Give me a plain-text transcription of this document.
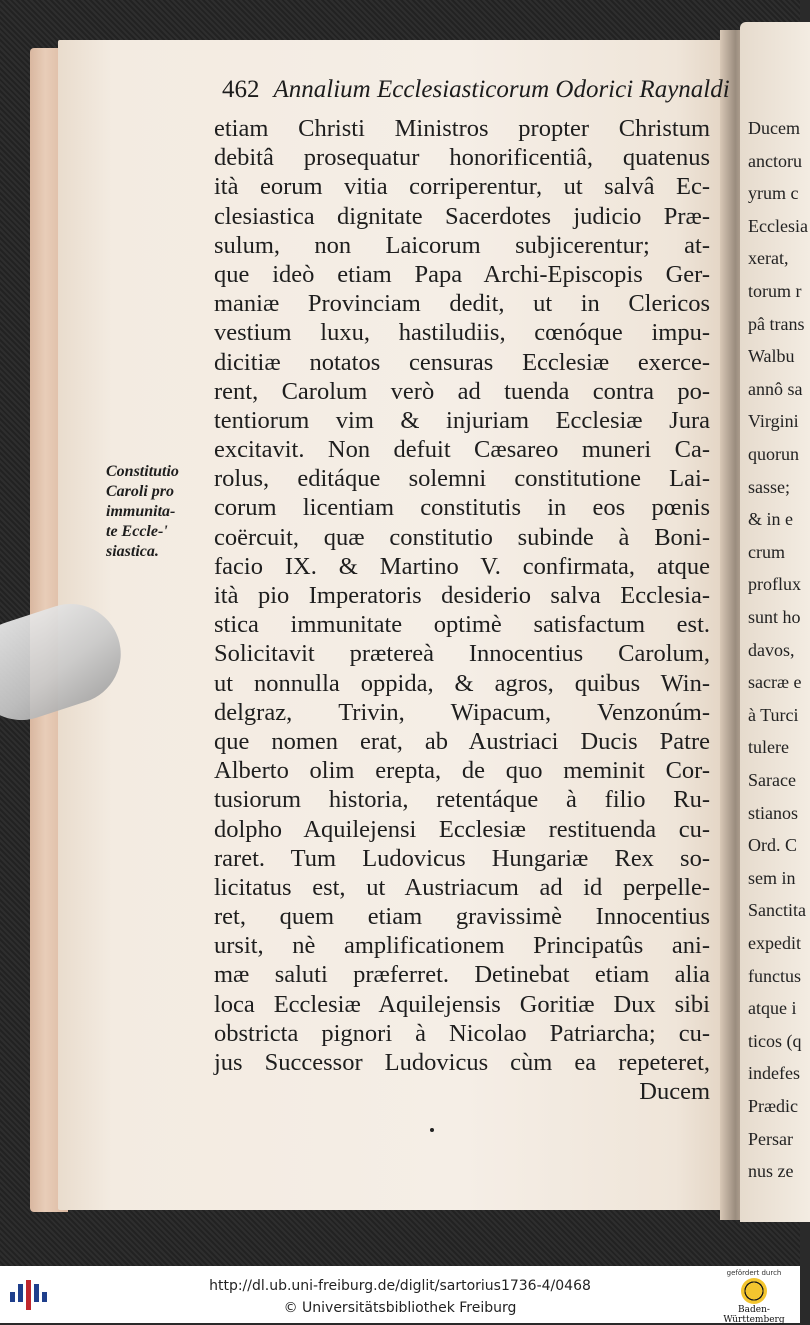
Ducem
anctoru
yrum c
Ecclesia
xerat,
torum r
pâ trans
Walbu
annô sa
Virgini
quorun
sasse;
& in e
crum
proflux
sunt ho
davos,
sacræ e
à Turci
tulere
Sarace
stianos
Ord. C
sem in
Sanctita
expedit
functus
atque i
ticos (q
indefes
Prædic
Persar
nus ze
462 Annalium Ecclesiasticorum Odorici Raynaldi
Constitutio
Caroli pro
immunita-
te Eccle-'
siastica.
etiam Christi Ministros propter Christum
debitâ prosequatur honorificentiâ, quatenus
ità eorum vitia corriperentur, ut salvâ Ec-
clesiastica dignitate Sacerdotes judicio Præ-
sulum, non Laicorum subjicerentur; at-
que ideò etiam Papa Archi-Episcopis Ger-
maniæ Provinciam dedit, ut in Clericos
vestium luxu, hastiludiis, cœnóque impu-
dicitiæ notatos censuras Ecclesiæ exerce-
rent, Carolum verò ad tuenda contra po-
tentiorum vim & injuriam Ecclesiæ Jura
excitavit. Non defuit Cæsareo muneri Ca-
rolus, editáque solemni constitutione Lai-
corum licentiam constitutis in eos pœnis
coërcuit, quæ constitutio subinde à Boni-
facio IX. & Martino V. confirmata, atque
ità pio Imperatoris desiderio salva Ecclesia-
stica immunitate optimè satisfactum est.
Solicitavit prætereà Innocentius Carolum,
ut nonnulla oppida, & agros, quibus Win-
delgraz, Trivin, Wipacum, Venzonúm-
que nomen erat, ab Austriaci Ducis Patre
Alberto olim erepta, de quo meminit Cor-
tusiorum historia, retentáque à filio Ru-
dolpho Aquilejensi Ecclesiæ restituenda cu-
raret. Tum Ludovicus Hungariæ Rex so-
licitatus est, ut Austriacum ad id perpelle-
ret, quem etiam gravissimè Innocentius
ursit, nè amplificationem Principatûs ani-
mæ saluti præferret. Detinebat etiam alia
loca Ecclesiæ Aquilejensis Goritiæ Dux sibi
obstricta pignori à Nicolao Patriarcha; cu-
jus Successor Ludovicus cùm ea repeteret,
Ducem
http://dl.ub.uni-freiburg.de/diglit/sartorius1736-4/0468
© Universitätsbibliothek Freiburg
gefördert durch
Baden-Württemberg
